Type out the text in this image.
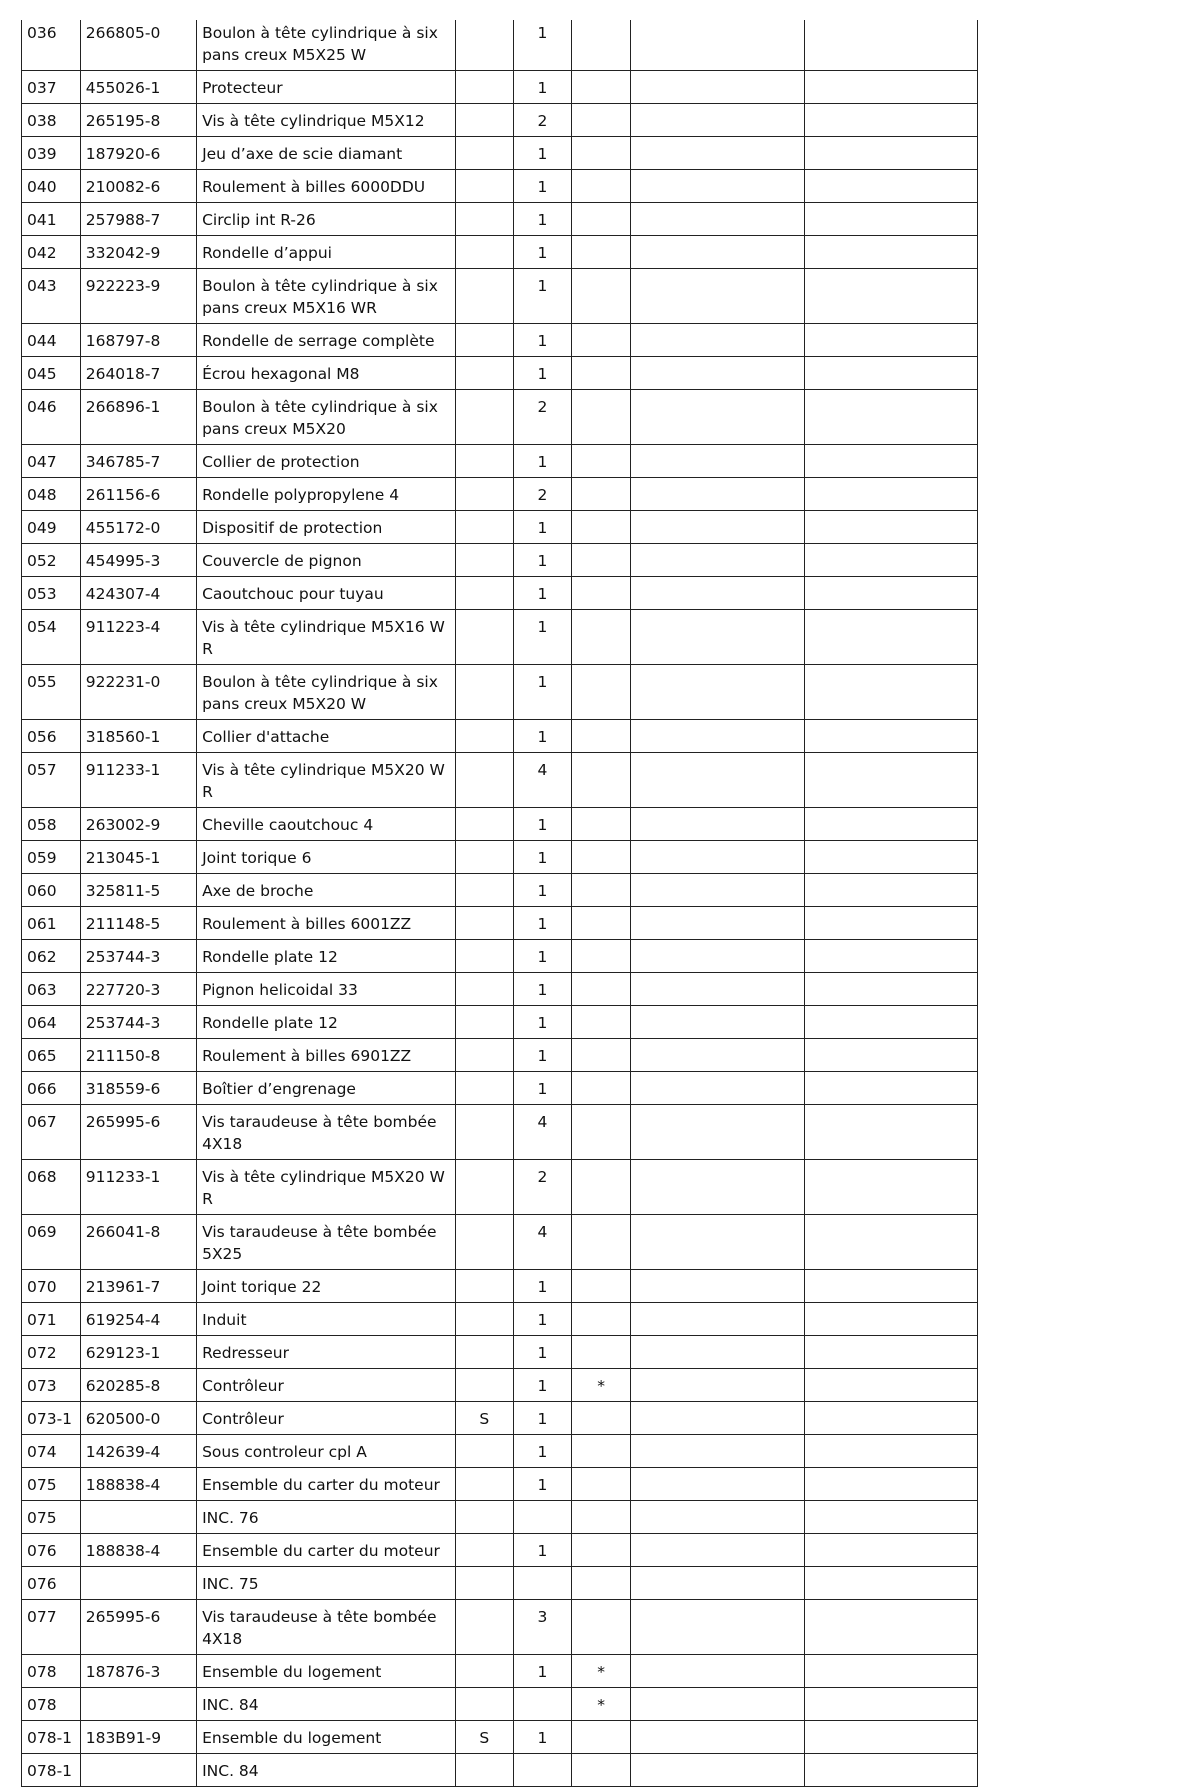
036	266805-0	Boulon à tête cylindrique à six pans creux M5X25 W		1			
037	455026-1	Protecteur		1			
038	265195-8	Vis à tête cylindrique M5X12		2			
039	187920-6	Jeu d’axe de scie diamant		1			
040	210082-6	Roulement à billes 6000DDU		1			
041	257988-7	Circlip int R-26		1			
042	332042-9	Rondelle d’appui		1			
043	922223-9	Boulon à tête cylindrique à six pans creux M5X16 WR		1			
044	168797-8	Rondelle de serrage complète		1			
045	264018-7	Écrou hexagonal M8		1			
046	266896-1	Boulon à tête cylindrique à six pans creux M5X20		2			
047	346785-7	Collier de protection		1			
048	261156-6	Rondelle polypropylene 4		2			
049	455172-0	Dispositif de protection		1			
052	454995-3	Couvercle de pignon		1			
053	424307-4	Caoutchouc pour tuyau		1			
054	911223-4	Vis à tête cylindrique M5X16 WR		1			
055	922231-0	Boulon à tête cylindrique à six pans creux M5X20 W		1			
056	318560-1	Collier d'attache		1			
057	911233-1	Vis à tête cylindrique M5X20 WR		4			
058	263002-9	Cheville caoutchouc 4		1			
059	213045-1	Joint torique 6		1			
060	325811-5	Axe de broche		1			
061	211148-5	Roulement à billes 6001ZZ		1			
062	253744-3	Rondelle plate 12		1			
063	227720-3	Pignon helicoidal 33		1			
064	253744-3	Rondelle plate 12		1			
065	211150-8	Roulement à billes 6901ZZ		1			
066	318559-6	Boîtier d’engrenage		1			
067	265995-6	Vis taraudeuse à tête bombée 4X18		4			
068	911233-1	Vis à tête cylindrique M5X20 WR		2			
069	266041-8	Vis taraudeuse à tête bombée 5X25		4			
070	213961-7	Joint torique 22		1			
071	619254-4	Induit		1			
072	629123-1	Redresseur		1			
073	620285-8	Contrôleur		1	*		
073-1	620500-0	Contrôleur	S	1			
074	142639-4	Sous controleur cpl A		1			
075	188838-4	Ensemble du carter du moteur		1			
075		INC. 76					
076	188838-4	Ensemble du carter du moteur		1			
076		INC. 75					
077	265995-6	Vis taraudeuse à tête bombée 4X18		3			
078	187876-3	Ensemble du logement		1	*		
078		INC. 84			*		
078-1	183B91-9	Ensemble du logement	S	1			
078-1		INC. 84					
